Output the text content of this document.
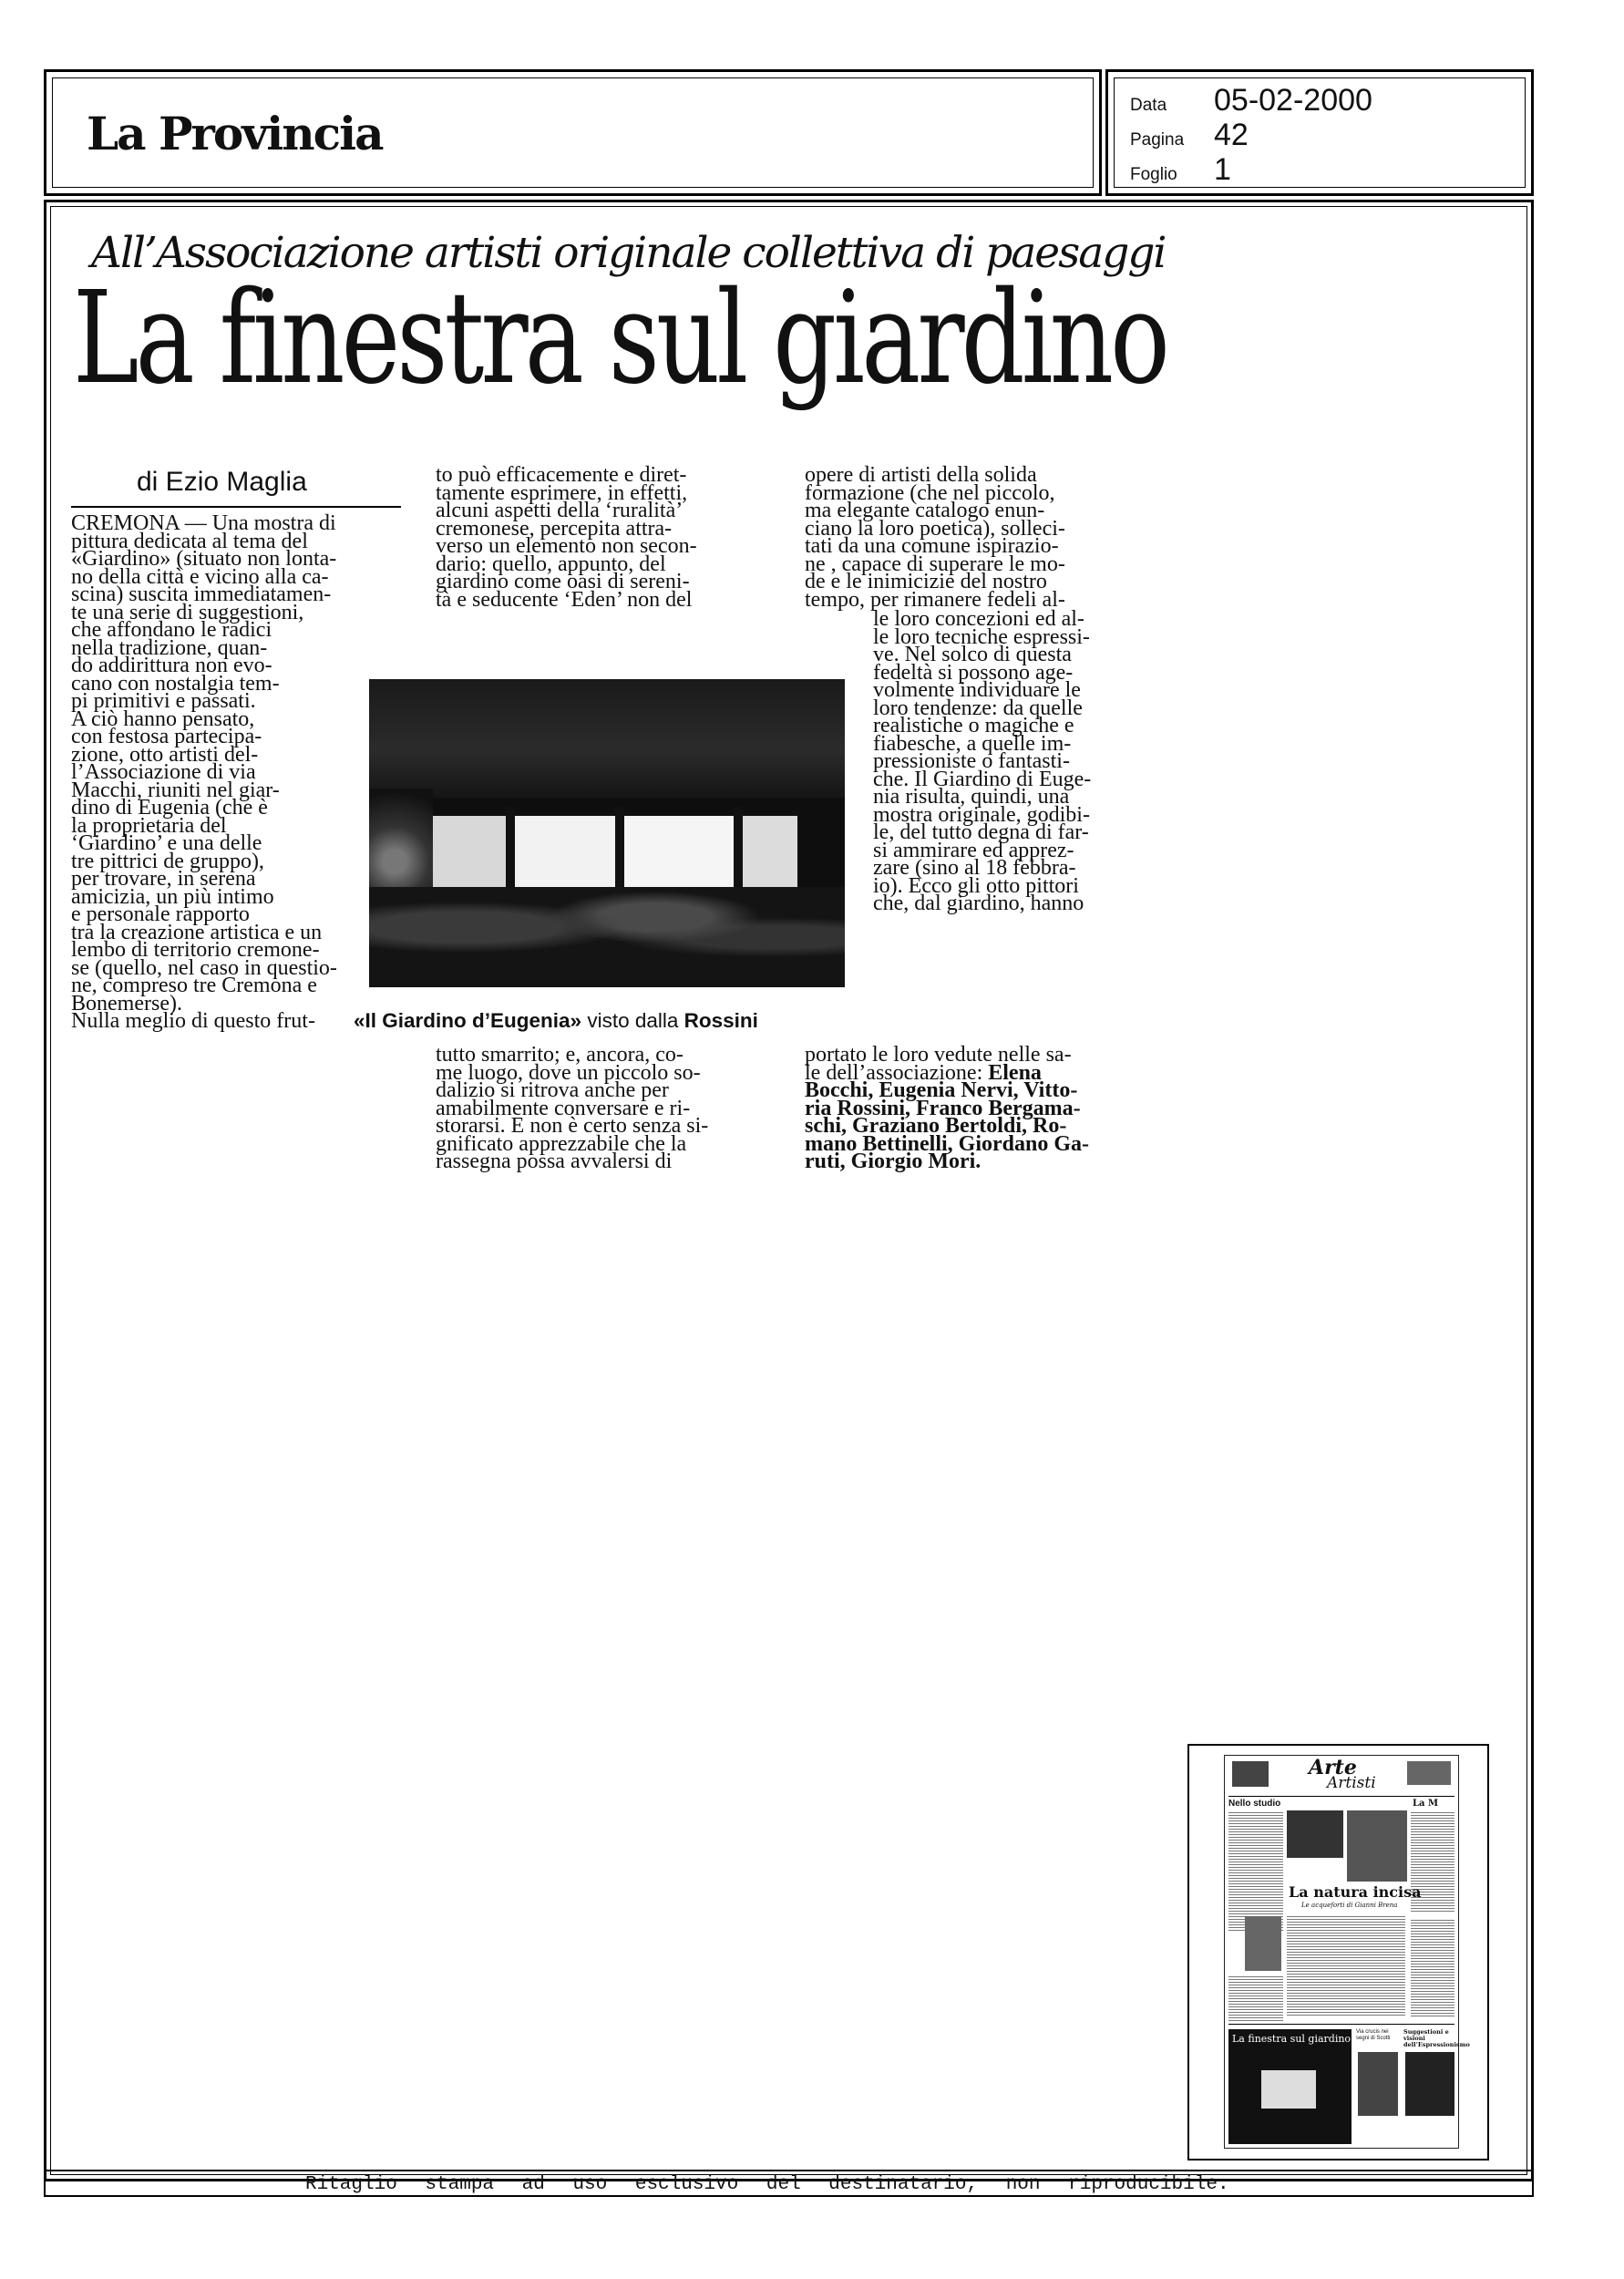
La Provincia
Data	05-02-2000
Pagina 42
Foglio	1
All’Associazione artisti originale collettiva di paesaggi
La finestra sul giardino
di Ezio Maglia

CREMONA — Una mostra di
pittura dedicata al tema del
«Giardino» (situato non lonta-
no della città e vicino alla ca-
scina) suscita immediatamen-
te una serie di suggestioni,
che affondano le radici
nella tradizione, quan-
do addirittura non evo-
cano con nostalgia tem-
pi primitivi e passati.
A ciò hanno pensato,
con festosa partecipa-
zione, otto artisti del-
l’Associazione di via
Macchi, riuniti nel giar-
dino di Eugenia (che è
la proprietaria del
‘Giardino’ e una delle
tre pittrici de gruppo),
per trovare, in serena
amicizia, un più intimo
e personale rapporto
tra la creazione artistica e un
lembo di territorio cremone-
se (quello, nel caso in questio-
ne, compreso tre Cremona e
Bonemerse).
Nulla meglio di questo frut-

to può efficacemente e diret-
tamente esprimere, in effetti,
alcuni aspetti della ‘ruralità’
cremonese, percepita attra-
verso un elemento non secon-
dario: quello, appunto, del
giardino come oasi di sereni-
tà e seducente ‘Eden’ non del

tutto smarrito; e, ancora, co-
me luogo, dove un piccolo so-
dalizio si ritrova anche per
amabilmente conversare e ri-
storarsi. E non è certo senza si-
gnificato apprezzabile che la
rassegna possa avvalersi di

«Il Giardino d’Eugenia» visto dalla Rossini

opere di artisti della solida
formazione (che nel piccolo,
ma elegante catalogo enun-
ciano la loro poetica), solleci-
tati da una comune ispirazio-
ne , capace di superare le mo-
de e le inimicizie del nostro
tempo, per rimanere fedeli al-

le loro concezioni ed al-
le loro tecniche espressi-
ve. Nel solco di questa
fedeltà si possono age-
volmente individuare le
loro tendenze: da quelle
realistiche o magiche e
fiabesche, a quelle im-
pressioniste o fantasti-
che. Il Giardino di Euge-
nia risulta, quindi, una
mostra originale, godibi-
le, del tutto degna di far-
si ammirare ed apprez-
zare (sino al 18 febbra-
io). Ecco gli otto pittori
che, dal giardino, hanno

portato le loro vedute nelle sa-
le dell’associazione: Elena
Bocchi, Eugenia Nervi, Vitto-
ria Rossini, Franco Bergama-
schi, Graziano Bertoldi, Ro-
mano Bettinelli, Giordano Ga-
ruti, Giorgio Mori.

Arte
Artisti
Nello studio	La M
La natura incisa
Le acqueforti di Gianni Brena
La finestra sul giardino
Via crucis nei segni di Scotti
Suggestioni e visioni dell’Espressionismo
Ritaglio stampa ad uso esclusivo del destinatario, non riproducibile.
